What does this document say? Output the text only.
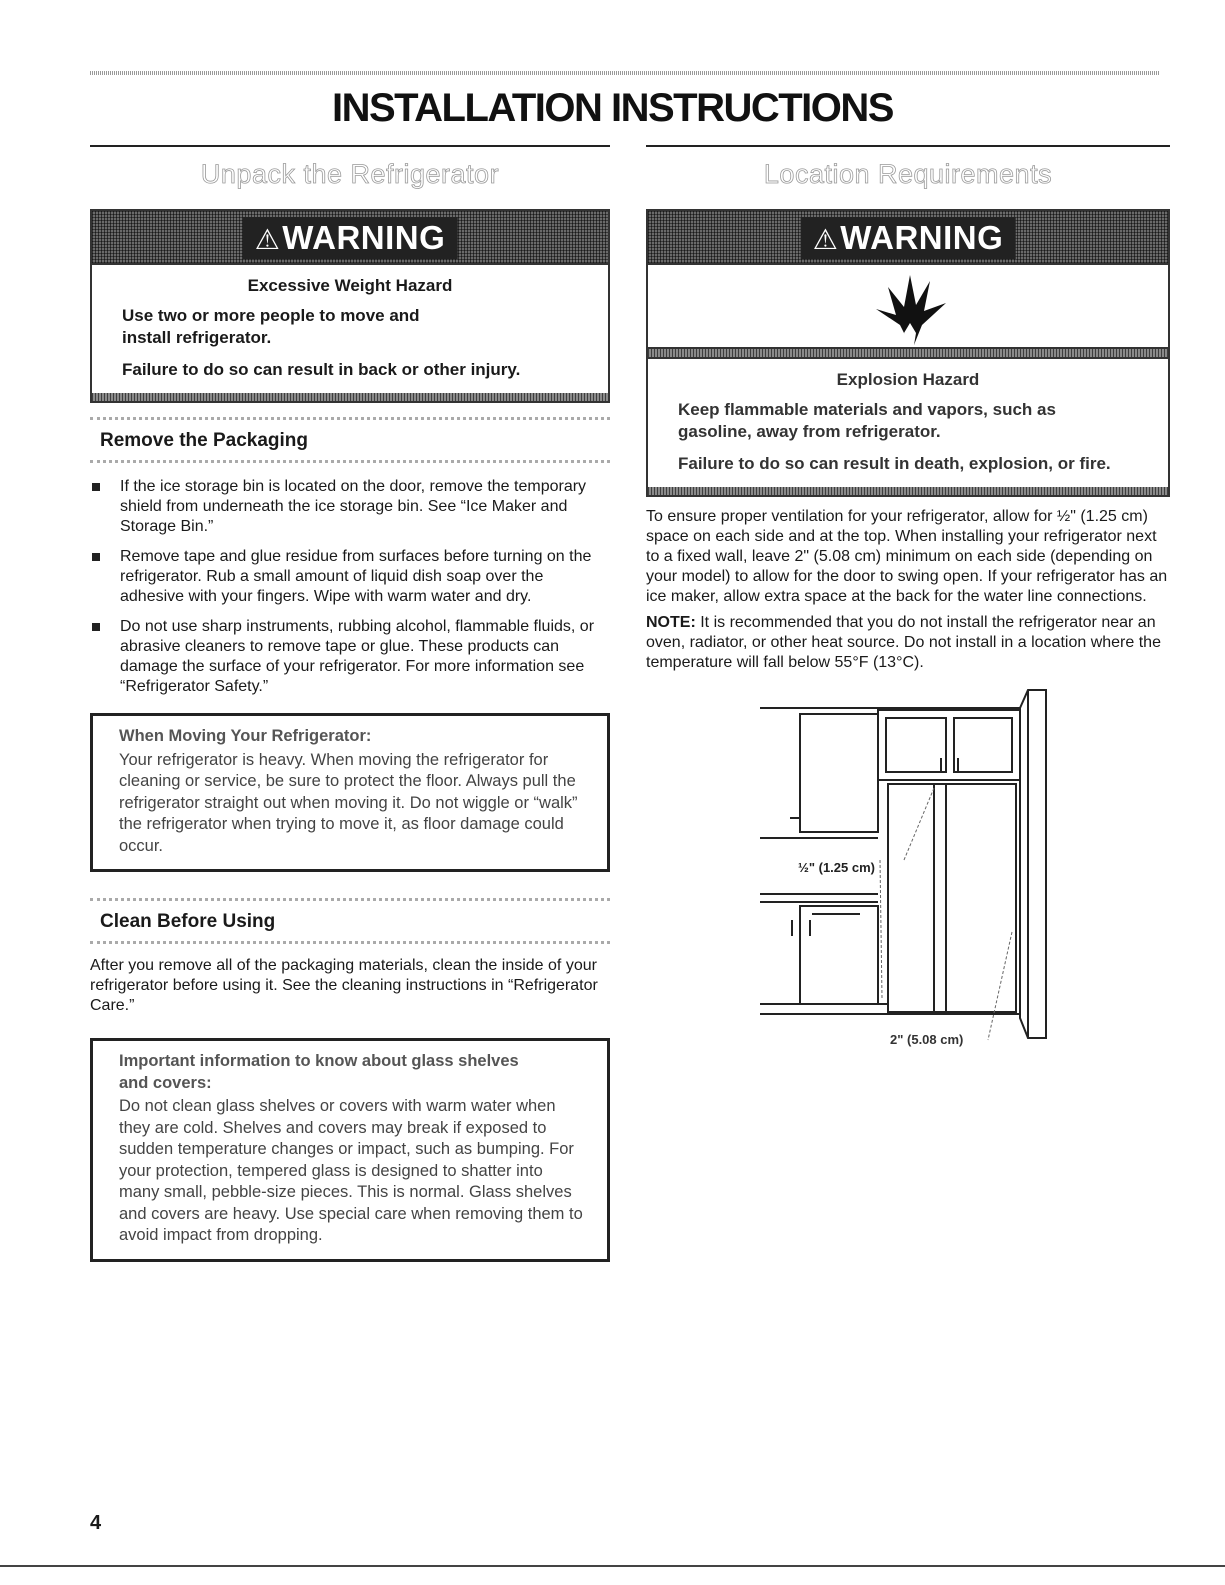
INSTALLATION INSTRUCTIONS
Unpack the Refrigerator
⚠WARNING
Excessive Weight Hazard

Use two or more people to move and install refrigerator.

Failure to do so can result in back or other injury.

Remove the Packaging
If the ice storage bin is located on the door, remove the temporary shield from underneath the ice storage bin. See “Ice Maker and Storage Bin.”
Remove tape and glue residue from surfaces before turning on the refrigerator. Rub a small amount of liquid dish soap over the adhesive with your fingers. Wipe with warm water and dry.
Do not use sharp instruments, rubbing alcohol, flammable fluids, or abrasive cleaners to remove tape or glue. These products can damage the surface of your refrigerator. For more information see “Refrigerator Safety.”
When Moving Your Refrigerator:
Your refrigerator is heavy. When moving the refrigerator for cleaning or service, be sure to protect the floor. Always pull the refrigerator straight out when moving it. Do not wiggle or “walk” the refrigerator when trying to move it, as floor damage could occur.
Clean Before Using
After you remove all of the packaging materials, clean the inside of your refrigerator before using it. See the cleaning instructions in “Refrigerator Care.”
Important information to know about glass shelves and covers:
Do not clean glass shelves or covers with warm water when they are cold. Shelves and covers may break if exposed to sudden temperature changes or impact, such as bumping. For your protection, tempered glass is designed to shatter into many small, pebble-size pieces. This is normal. Glass shelves and covers are heavy. Use special care when removing them to avoid impact from dropping.
Location Requirements
⚠WARNING
Explosion Hazard

Keep flammable materials and vapors, such as gasoline, away from refrigerator.

Failure to do so can result in death, explosion, or fire.

To ensure proper ventilation for your refrigerator, allow for ½" (1.25 cm) space on each side and at the top. When installing your refrigerator next to a fixed wall, leave 2" (5.08 cm) minimum on each side (depending on your model) to allow for the door to swing open. If your refrigerator has an ice maker, allow extra space at the back for the water line connections.

NOTE: It is recommended that you do not install the refrigerator near an oven, radiator, or other heat source. Do not install in a location where the temperature will fall below 55°F (13°C).

½" (1.25 cm)
2" (5.08 cm)
4
